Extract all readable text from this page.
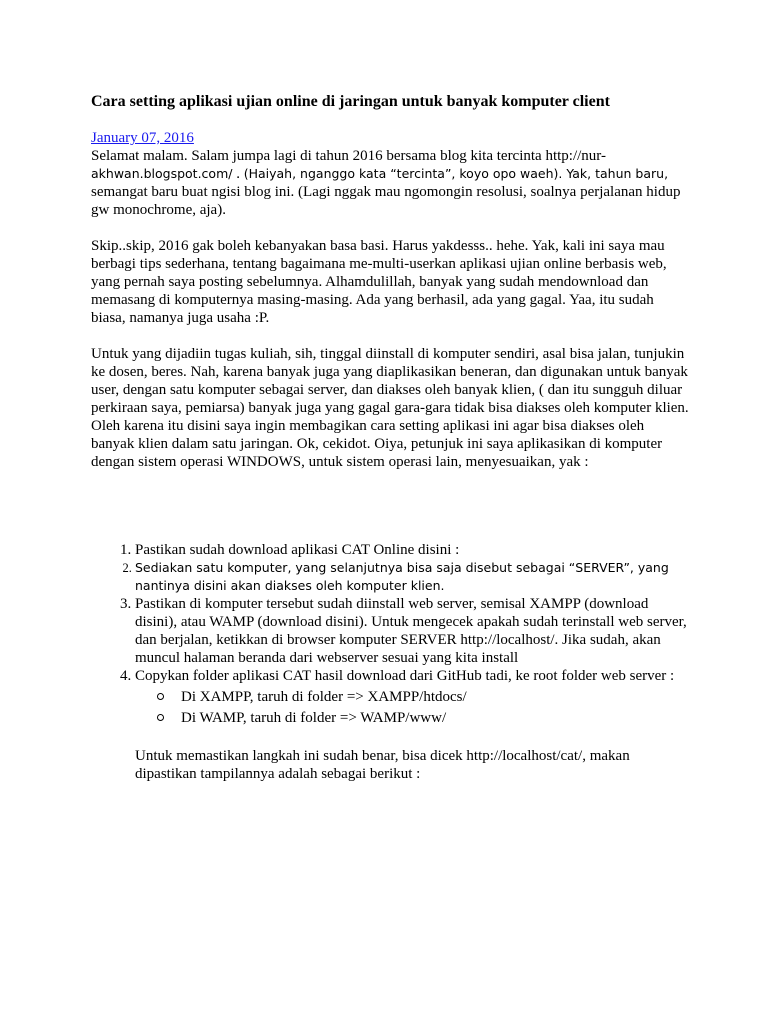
Cara setting aplikasi ujian online di jaringan untuk banyak komputer client
January 07, 2016

Selamat malam. Salam jumpa lagi di tahun 2016 bersama blog kita tercinta http://nur-
akhwan.blogspot.com/ . (Haiyah, nganggo kata “tercinta”, koyo opo waeh). Yak, tahun baru,
semangat baru buat ngisi blog ini. (Lagi nggak mau ngomongin resolusi, soalnya perjalanan hidup gw monochrome, aja).

Skip..skip, 2016 gak boleh kebanyakan basa basi. Harus yakdesss.. hehe. Yak, kali ini saya mau berbagi tips sederhana, tentang bagaimana me-multi-userkan aplikasi ujian online berbasis web, yang pernah saya posting sebelumnya. Alhamdulillah, banyak yang sudah mendownload dan memasang di komputernya masing-masing. Ada yang berhasil, ada yang gagal. Yaa, itu sudah biasa, namanya juga usaha :P.

Untuk yang dijadiin tugas kuliah, sih, tinggal diinstall di komputer sendiri, asal bisa jalan, tunjukin ke dosen, beres. Nah, karena banyak juga yang diaplikasikan beneran, dan digunakan untuk banyak user, dengan satu komputer sebagai server, dan diakses oleh banyak klien, ( dan itu sungguh diluar perkiraan saya, pemiarsa) banyak juga yang gagal gara-gara tidak bisa diakses oleh komputer klien. Oleh karena itu disini saya ingin membagikan cara setting aplikasi ini agar bisa diakses oleh banyak klien dalam satu jaringan. Ok, cekidot. Oiya, petunjuk ini saya aplikasikan di komputer dengan sistem operasi WINDOWS, untuk sistem operasi lain, menyesuaikan, yak :

1. Pastikan sudah download aplikasi CAT Online disini :
2. Sediakan satu komputer, yang selanjutnya bisa saja disebut sebagai “SERVER”, yang nantinya disini akan diakses oleh komputer klien.
3. Pastikan di komputer tersebut sudah diinstall web server, semisal XAMPP (download disini), atau WAMP (download disini). Untuk mengecek apakah sudah terinstall web server, dan berjalan, ketikkan di browser komputer SERVER http://localhost/. Jika sudah, akan muncul halaman beranda dari webserver sesuai yang kita install
4. Copykan folder aplikasi CAT hasil download dari GitHub tadi, ke root folder web server :
Di XAMPP, taruh di folder => XAMPP/htdocs/
Di WAMP, taruh di folder => WAMP/www/

Untuk memastikan langkah ini sudah benar, bisa dicek http://localhost/cat/, makan dipastikan tampilannya adalah sebagai berikut :
